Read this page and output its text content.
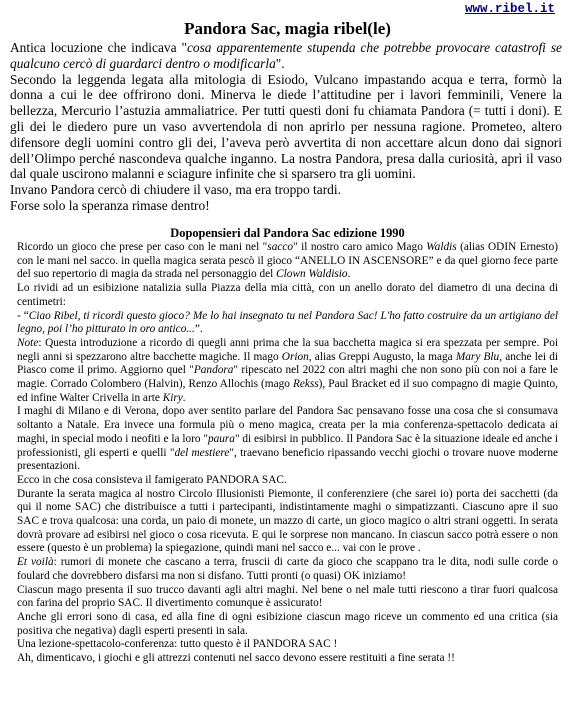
www.ribel.it

Pandora Sac, magia ribel(le)

Antica locuzione che indicava "cosa apparentemente stupenda che potrebbe provocare catastrofi se qualcuno cercò di guardarci dentro o modificarla".

Secondo la leggenda legata alla mitologia di Esiodo, Vulcano impastando acqua e terra, formò la donna a cui le dee offrirono doni. Minerva le diede l’attitudine per i lavori femminili, Venere la bellezza, Mercurio l’astuzia ammaliatrice. Per tutti questi doni fu chiamata Pandora (= tutti i doni). E gli dei le diedero pure un vaso avvertendola di non aprirlo per nessuna ragione. Prometeo, altero difensore degli uomini contro gli dei, l’aveva però avvertita di non accettare alcun dono dai signori dell’Olimpo perché nascondeva qualche inganno. La nostra Pandora, presa dalla curiosità, aprì il vaso dal quale uscirono malanni e sciagure infinite che si sparsero tra gli uomini.

Invano Pandora cercò di chiudere il vaso, ma era troppo tardi.

Forse solo la speranza rimase dentro!

Dopopensieri dal Pandora Sac edizione 1990

Ricordo un gioco che prese per caso con le mani nel "sacco" il nostro caro amico Mago Waldis (alias ODIN Ernesto) con le mani nel sacco. in quella magica serata pescò il gioco “ANELLO IN ASCENSORE” e da quel giorno fece parte del suo repertorio di magia da strada nel personaggio del Clown Waldisio.

Lo rividi ad un esibizione natalizia sulla Piazza della mia città, con un anello dorato del diametro di una decina di centimetri:

- “Ciao Ribel, ti ricordi questo gioco? Me lo hai insegnato tu nel Pandora Sac! L'ho fatto costruire da un artigiano del legno, poi l’ho pitturato in oro antico...”.

Note: Questa introduzione a ricordo di quegli anni prima che la sua bacchetta magica si era spezzata per sempre. Poi negli anni si spezzarono altre bacchette magiche. Il mago Orion, alias Greppi Augusto, la maga Mary Blu, anche lei di Piasco come il primo. Aggiorno quel "Pandora" ripescato nel 2022 con altri maghi che non sono più con noi a fare le magie. Corrado Colombero (Halvin), Renzo Allochis (mago Rekss), Paul Bracket ed il suo compagno di magie Quinto, ed infine Walter Crivella in arte Kiry.

I maghi di Milano e di Verona, dopo aver sentito parlare del Pandora Sac pensavano fosse una cosa che si consumava soltanto a Natale. Era invece una formula più o meno magica, creata per la mia conferenza-spettacolo dedicata ai maghi, in special modo i neofiti e la loro "paura" di esibirsi in pubblico. Il Pandora Sac è la situazione ideale ed anche i professionisti, gli esperti e quelli "del mestiere", traevano beneficio ripassando vecchi giochi o trovare nuove moderne presentazioni.

Ecco in che cosa consisteva il famigerato PANDORA SAC.

Durante la serata magica al nostro Circolo Illusionisti Piemonte, il conferenziere (che sarei io) porta dei sacchetti (da qui il nome SAC) che distribuisce a tutti i partecipanti, indistintamente maghi o simpatizzanti. Ciascuno apre il suo SAC e trova qualcosa: una corda, un paio di monete, un mazzo di carte, un gioco magico o altri strani oggetti. In serata dovrà provare ad esibirsi nel gioco o cosa ricevuta. E qui le sorprese non mancano. In ciascun sacco potrà essere o non essere (questo è un problema) la spiegazione, quindi mani nel sacco e... vai con le prove .

Et voilà: rumori di monete che cascano a terra, fruscii di carte da gioco che scappano tra le dita, nodi sulle corde o foulard che dovrebbero disfarsi ma non si disfano. Tutti pronti (o quasi) OK iniziamo!

Ciascun mago presenta il suo trucco davanti agli altri maghi. Nel bene o nel male tutti riescono a tirar fuori qualcosa con farina del proprio SAC. Il divertimento comunque è assicurato!

Anche gli errori sono di casa, ed alla fine di ogni esibizione ciascun mago riceve un commento ed una critica (sia positiva che negativa) dagli esperti presenti in sala.

Una lezione-spettacolo-conferenza: tutto questo è il PANDORA SAC !

Ah, dimenticavo, i giochi e gli attrezzi contenuti nel sacco devono essere restituiti a fine serata !!
